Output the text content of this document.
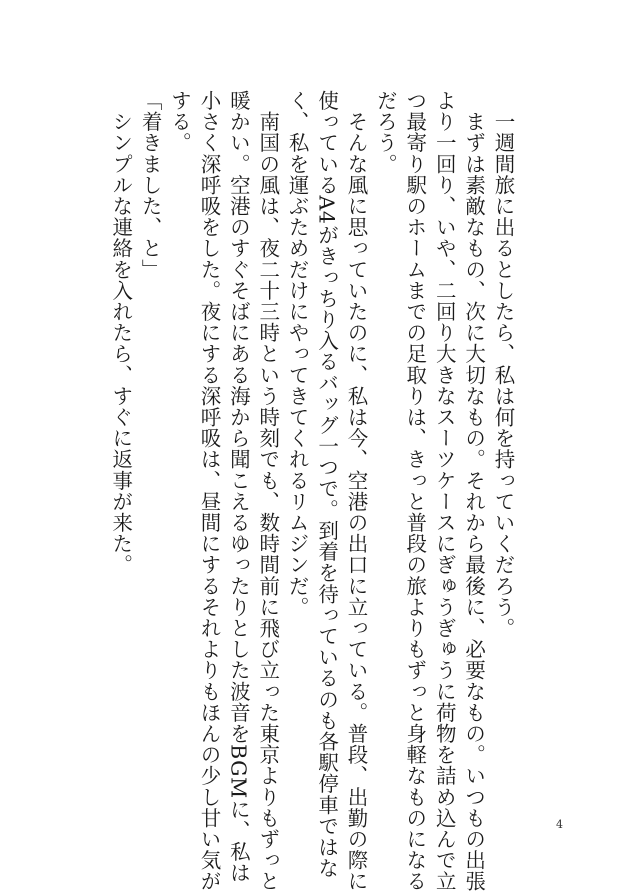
　一週間旅に出るとしたら、私は何を持っていくだろう。

　まずは素敵なもの、次に大切なもの。それから最後に、必要なもの。いつもの出張

より一回り、いや、二回り大きなスーツケースにぎゅうぎゅうに荷物を詰め込んで立

つ最寄り駅のホームまでの足取りは、きっと普段の旅よりもずっと身軽なものになる

だろう。

　そんな風に思っていたのに、私は今、空港の出口に立っている。普段、出勤の際に

使っているA4がきっちり入るバッグ一つで。到着を待っているのも各駅停車ではな

く、私を運ぶためだけにやってきてくれるリムジンだ。

　南国の風は、夜二十三時という時刻でも、数時間前に飛び立った東京よりもずっと

暖かい。空港のすぐそばにある海から聞こえるゆったりとした波音をBGMに、私は

小さく深呼吸をした。夜にする深呼吸は、昼間にするそれよりもほんの少し甘い気が

する。

「着きました、と」

　シンプルな連絡を入れたら、すぐに返事が来た。

4
